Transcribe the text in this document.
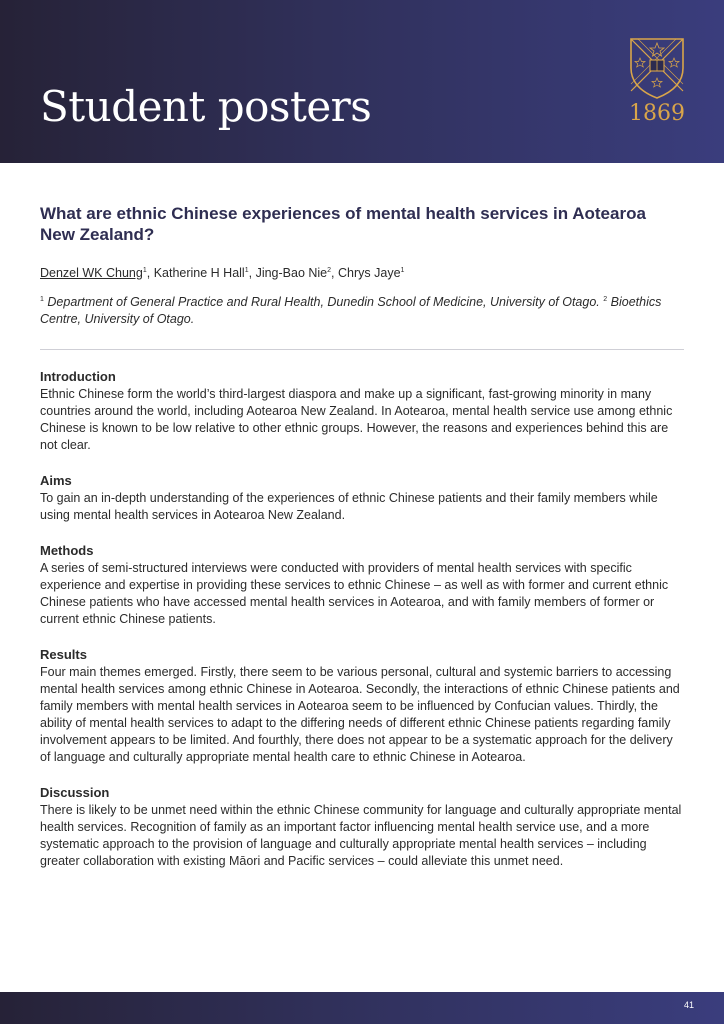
Student posters	1869
What are ethnic Chinese experiences of mental health services in Aotearoa New Zealand?
Denzel WK Chung$^1$, Katherine H Hall$^1$, Jing-Bao Nie$^2$, Chrys Jaye$^1$
$^1$ Department of General Practice and Rural Health, Dunedin School of Medicine, University of Otago. $^2$ Bioethics Centre, University of Otago.
Introduction

Ethnic Chinese form the world’s third-largest diaspora and make up a significant, fast-growing minority in many countries around the world, including Aotearoa New Zealand. In Aotearoa, mental health service use among ethnic Chinese is known to be low relative to other ethnic groups. However, the reasons and experiences behind this are not clear.

Aims

To gain an in-depth understanding of the experiences of ethnic Chinese patients and their family members while using mental health services in Aotearoa New Zealand.

Methods

A series of semi-structured interviews were conducted with providers of mental health services with specific experience and expertise in providing these services to ethnic Chinese – as well as with former and current ethnic Chinese patients who have accessed mental health services in Aotearoa, and with family members of former or current ethnic Chinese patients.

Results

Four main themes emerged. Firstly, there seem to be various personal, cultural and systemic barriers to accessing mental health services among ethnic Chinese in Aotearoa. Secondly, the interactions of ethnic Chinese patients and family members with mental health services in Aotearoa seem to be influenced by Confucian values. Thirdly, the ability of mental health services to adapt to the differing needs of different ethnic Chinese patients regarding family involvement appears to be limited. And fourthly, there does not appear to be a systematic approach for the delivery of language and culturally appropriate mental health care to ethnic Chinese in Aotearoa.

Discussion

There is likely to be unmet need within the ethnic Chinese community for language and culturally appropriate mental health services. Recognition of family as an important factor influencing mental health service use, and a more systematic approach to the provision of language and culturally appropriate mental health services – including greater collaboration with existing Māori and Pacific services – could alleviate this unmet need.

41
